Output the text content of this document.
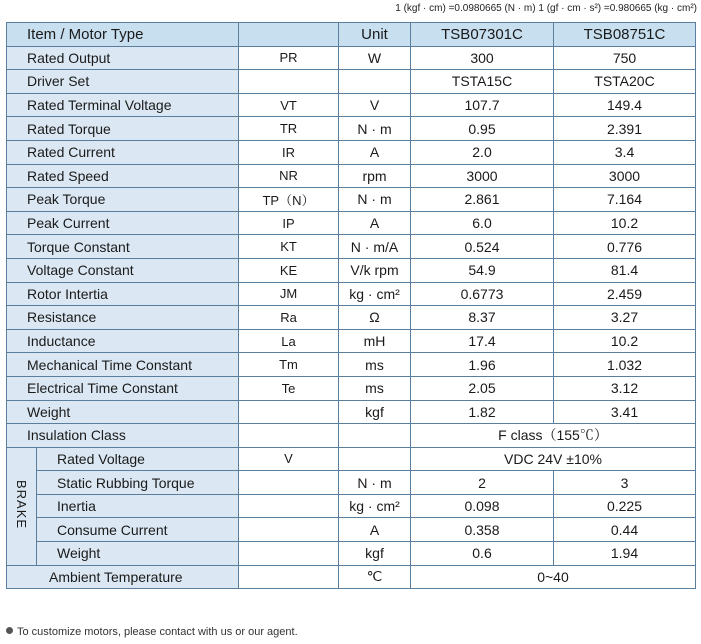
1 (kgf · cm) =0.0980665 (N · m) 1 (gf · cm · s²) =0.980665 (kg · cm²)
Item / Motor Type			Unit	TSB07301C	TSB08751C
Rated Output		PR	W	300	750
Driver Set				TSTA15C	TSTA20C
Rated Terminal Voltage		VT	V	107.7	149.4
Rated Torque		TR	N · m	0.95	2.391
Rated Current		IR	A	2.0	3.4
Rated Speed		NR	rpm	3000	3000
Peak Torque		TP（N）	N · m	2.861	7.164
Peak Current		IP	A	6.0	10.2
Torque Constant		KT	N · m/A	0.524	0.776
Voltage Constant		KE	V/k rpm	54.9	81.4
Rotor Intertia		JM	kg · cm²	0.6773	2.459
Resistance		Ra	Ω	8.37	3.27
Inductance		La	mH	17.4	10.2
Mechanical Time Constant		Tm	ms	1.96	1.032
Electrical Time Constant		Te	ms	2.05	3.12
Weight			kgf	1.82	3.41
Insulation Class				F class（155℃）	
BRAKE	Rated Voltage	V		VDC 24V ±10%	
	Static Rubbing Torque		N · m	2	3
	Inertia		kg · cm²	0.098	0.225
	Consume Current		A	0.358	0.44
	Weight		kgf	0.6	1.94
Ambient Temperature			℃	0~40	
To customize motors, please contact with us or our agent.
